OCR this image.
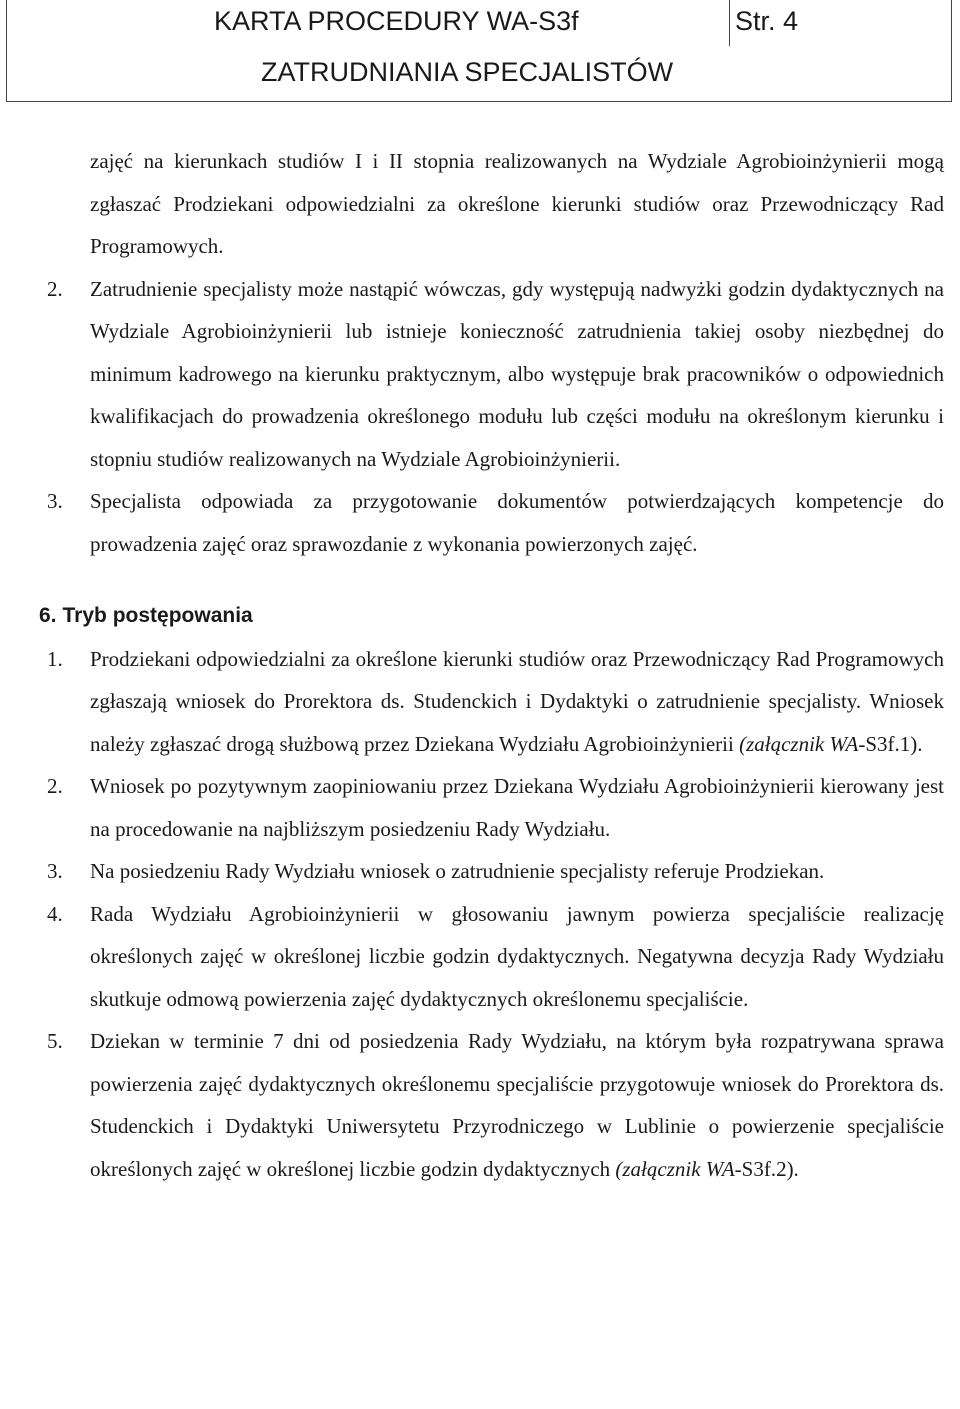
KARTA PROCEDURY WA-S3f	Str. 4
ZATRUDNIANIA SPECJALISTÓW

zajęć na kierunkach studiów I i II stopnia realizowanych na Wydziale Agrobioinżynierii mogą zgłaszać Prodziekani odpowiedzialni za określone kierunki studiów oraz Przewodniczący Rad Programowych.

2. Zatrudnienie specjalisty może nastąpić wówczas, gdy występują nadwyżki godzin dydaktycznych na Wydziale Agrobioinżynierii lub istnieje konieczność zatrudnienia takiej osoby niezbędnej do minimum kadrowego na kierunku praktycznym, albo występuje brak pracowników o odpowiednich kwalifikacjach do prowadzenia określonego modułu lub części modułu na określonym kierunku i stopniu studiów realizowanych na Wydziale Agrobioinżynierii.
3. Specjalista odpowiada za przygotowanie dokumentów potwierdzających kompetencje do prowadzenia zajęć oraz sprawozdanie z wykonania powierzonych zajęć.
6. Tryb postępowania
1. Prodziekani odpowiedzialni za określone kierunki studiów oraz Przewodniczący Rad Programowych zgłaszają wniosek do Prorektora ds. Studenckich i Dydaktyki o zatrudnienie specjalisty. Wniosek należy zgłaszać drogą służbową przez Dziekana Wydziału Agrobioinżynierii (załącznik WA-S3f.1).
2. Wniosek po pozytywnym zaopiniowaniu przez Dziekana Wydziału Agrobioinżynierii kierowany jest na procedowanie na najbliższym posiedzeniu Rady Wydziału.
3. Na posiedzeniu Rady Wydziału wniosek o zatrudnienie specjalisty referuje Prodziekan.
4. Rada Wydziału Agrobioinżynierii w głosowaniu jawnym powierza specjaliście realizację określonych zajęć w określonej liczbie godzin dydaktycznych. Negatywna decyzja Rady Wydziału skutkuje odmową powierzenia zajęć dydaktycznych określonemu specjaliście.
5. Dziekan w terminie 7 dni od posiedzenia Rady Wydziału, na którym była rozpatrywana sprawa powierzenia zajęć dydaktycznych określonemu specjaliście przygotowuje wniosek do Prorektora ds. Studenckich i Dydaktyki Uniwersytetu Przyrodniczego w Lublinie o powierzenie specjaliście określonych zajęć w określonej liczbie godzin dydaktycznych (załącznik WA-S3f.2).
